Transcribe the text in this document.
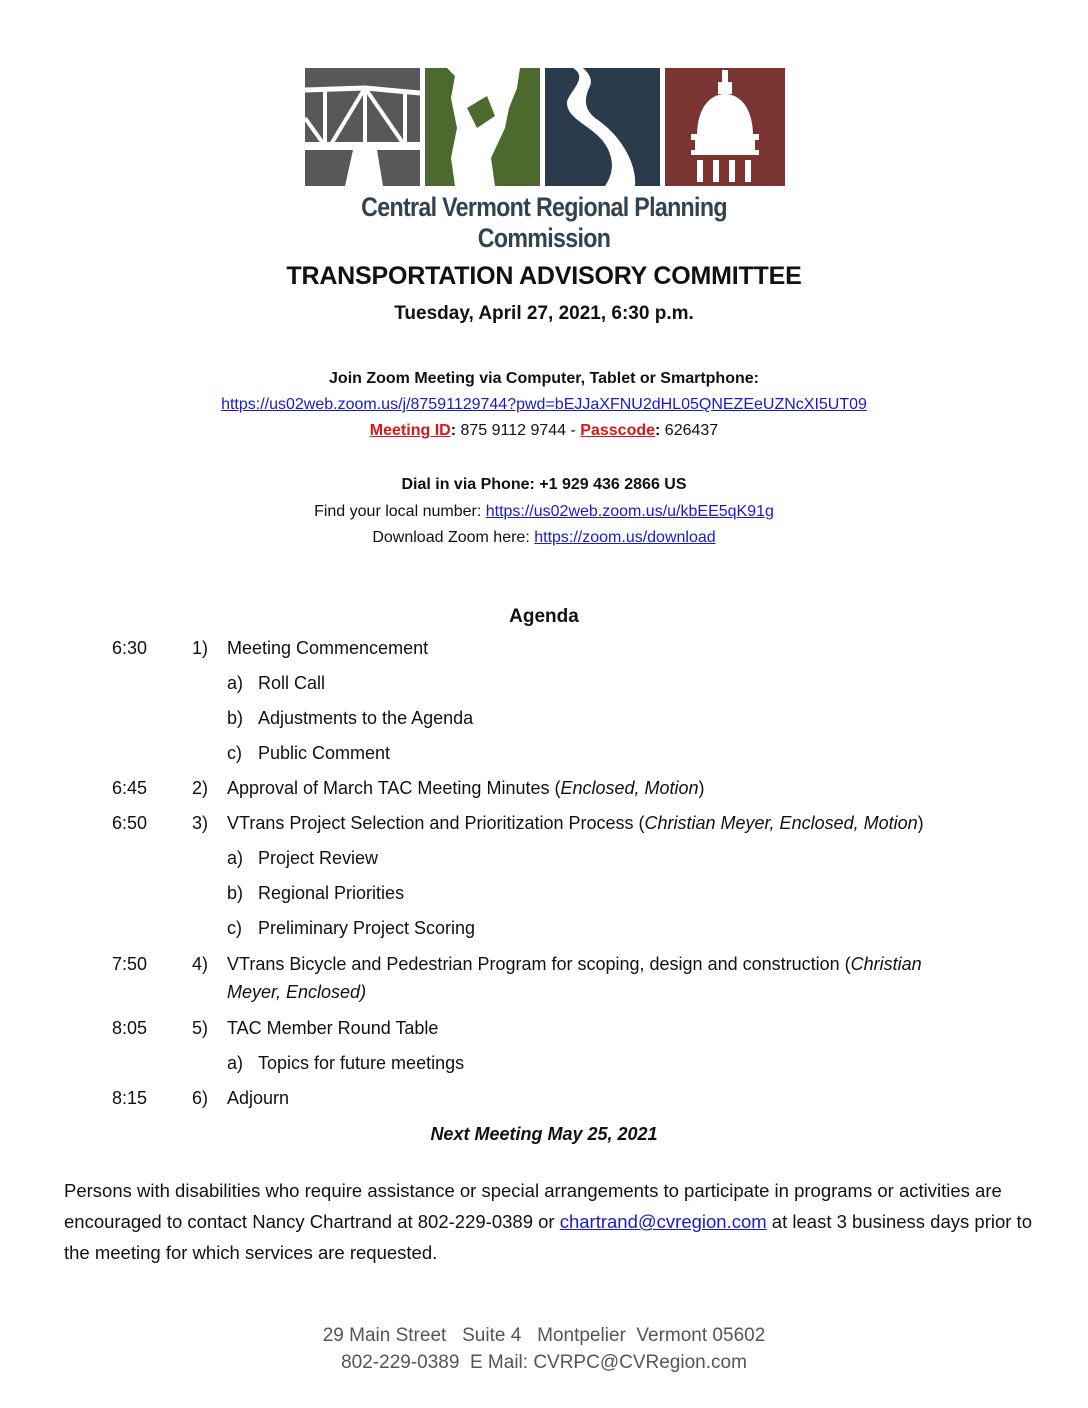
Central Vermont Regional Planning Commission
TRANSPORTATION ADVISORY COMMITTEE
Tuesday, April 27, 2021, 6:30 p.m.
Join Zoom Meeting via Computer, Tablet or Smartphone:
https://us02web.zoom.us/j/87591129744?pwd=bEJJaXFNU2dHL05QNEZEeUZNcXI5UT09
Meeting ID: 875 9112 9744 - Passcode: 626437
Dial in via Phone: +1 929 436 2866 US
Find your local number: https://us02web.zoom.us/u/kbEE5qK91g
Download Zoom here: https://zoom.us/download
Agenda
6:30 1) Meeting Commencement
a) Roll Call
b) Adjustments to the Agenda
c) Public Comment
6:45 2) Approval of March TAC Meeting Minutes (Enclosed, Motion)
6:50 3) VTrans Project Selection and Prioritization Process (Christian Meyer, Enclosed, Motion)
a) Project Review
b) Regional Priorities
c) Preliminary Project Scoring
7:50 4) VTrans Bicycle and Pedestrian Program for scoping, design and construction (Christian
Meyer, Enclosed)
8:05 5) TAC Member Round Table
a) Topics for future meetings
8:15 6) Adjourn
Next Meeting May 25, 2021
Persons with disabilities who require assistance or special arrangements to participate in programs or activities are encouraged to contact Nancy Chartrand at 802-229-0389 or chartrand@cvregion.com at least 3 business days prior to the meeting for which services are requested.
29 Main Street   Suite 4   Montpelier  Vermont 05602
802-229-0389  E Mail: CVRPC@CVRegion.com
